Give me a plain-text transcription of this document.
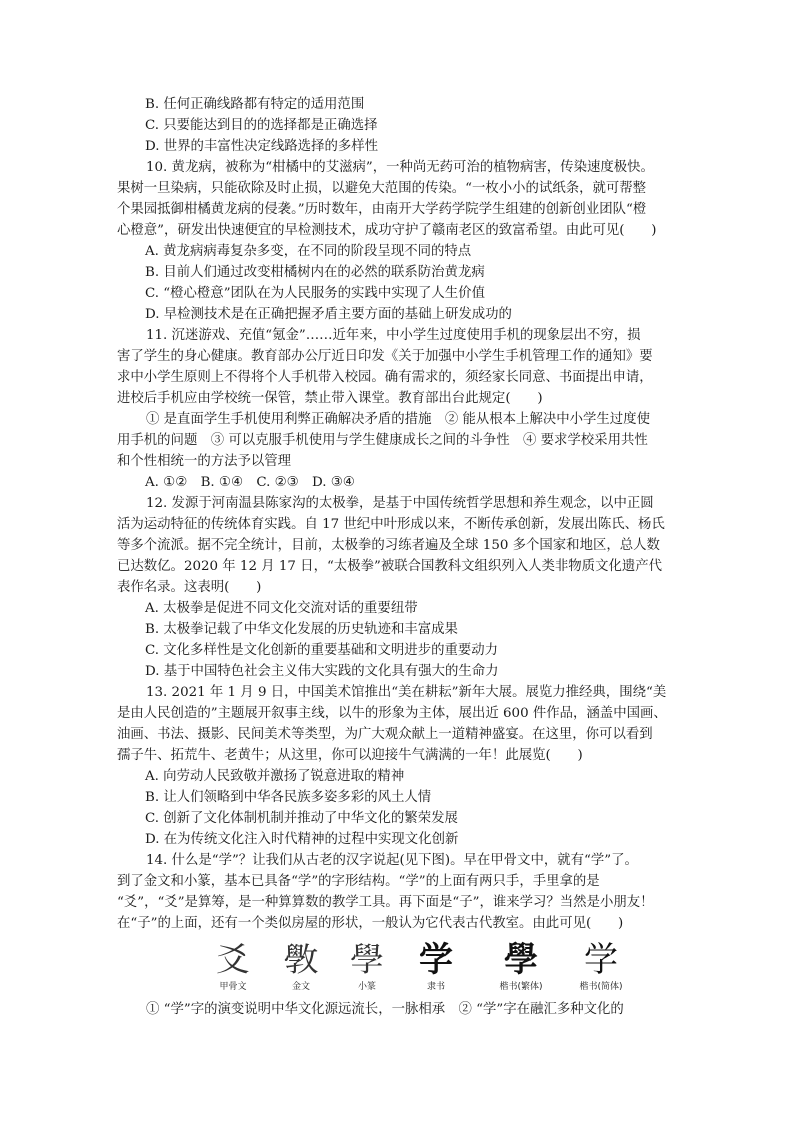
B. 任何正确线路都有特定的适用范围
C. 只要能达到目的的选择都是正确选择
D. 世界的丰富性决定线路选择的多样性
10. 黄龙病，被称为“柑橘中的艾滋病”，一种尚无药可治的植物病害，传染速度极快。
果树一旦染病，只能砍除及时止损，以避免大范围的传染。“一枚小小的试纸条，就可帮整
个果园抵御柑橘黄龙病的侵袭。”历时数年，由南开大学药学院学生组建的创新创业团队“橙
心橙意”，研发出快速便宜的早检测技术，成功守护了赣南老区的致富希望。由此可见(　　)
A. 黄龙病病毒复杂多变，在不同的阶段呈现不同的特点
B. 目前人们通过改变柑橘树内在的必然的联系防治黄龙病
C. “橙心橙意”团队在为人民服务的实践中实现了人生价值
D. 早检测技术是在正确把握矛盾主要方面的基础上研发成功的
11. 沉迷游戏、充值“氪金”……近年来，中小学生过度使用手机的现象层出不穷，损
害了学生的身心健康。教育部办公厅近日印发《关于加强中小学生手机管理工作的通知》要
求中小学生原则上不得将个人手机带入校园。确有需求的，须经家长同意、书面提出申请，
进校后手机应由学校统一保管，禁止带入课堂。教育部出台此规定(　　)
① 是直面学生手机使用利弊正确解决矛盾的措施　② 能从根本上解决中小学生过度使
用手机的问题　③ 可以克服手机使用与学生健康成长之间的斗争性　④ 要求学校采用共性
和个性相统一的方法予以管理
A. ①②　B. ①④　C. ②③　D. ③④
12. 发源于河南温县陈家沟的太极拳，是基于中国传统哲学思想和养生观念，以中正圆
活为运动特征的传统体育实践。自 17 世纪中叶形成以来，不断传承创新，发展出陈氏、杨氏
等多个流派。据不完全统计，目前，太极拳的习练者遍及全球 150 多个国家和地区，总人数
已达数亿。2020 年 12 月 17 日，“太极拳”被联合国教科文组织列入人类非物质文化遗产代
表作名录。这表明(　　)
A. 太极拳是促进不同文化交流对话的重要纽带
B. 太极拳记载了中华文化发展的历史轨迹和丰富成果
C. 文化多样性是文化创新的重要基础和文明进步的重要动力
D. 基于中国特色社会主义伟大实践的文化具有强大的生命力
13. 2021 年 1 月 9 日，中国美术馆推出“美在耕耘”新年大展。展览力推经典，围绕“美
是由人民创造的”主题展开叙事主线，以牛的形象为主体，展出近 600 件作品，涵盖中国画、
油画、书法、摄影、民间美术等类型，为广大观众献上一道精神盛宴。在这里，你可以看到
孺子牛、拓荒牛、老黄牛；从这里，你可以迎接牛气满满的一年！此展览(　　)
A. 向劳动人民致敬并激扬了锐意进取的精神
B. 让人们领略到中华各民族多姿多彩的风土人情
C. 创新了文化体制机制并推动了中华文化的繁荣发展
D. 在为传统文化注入时代精神的过程中实现文化创新
14. 什么是“学”？让我们从古老的汉字说起(见下图)。早在甲骨文中，就有“学”了。
到了金文和小篆，基本已具备“学”的字形结构。“学”的上面有两只手，手里拿的是
“爻”，“爻”是算筹，是一种算算数的教学工具。再下面是“子”，谁来学习？当然是小朋友！
在“子”的上面，还有一个类似房屋的形状，一般认为它代表古代教室。由此可见(　　)
爻
甲骨文
斆
金文
學
小篆
学
隶书
學
楷书(繁体)
学
楷书(简体)
① “学”字的演变说明中华文化源远流长，一脉相承　② “学”字在融汇多种文化的
